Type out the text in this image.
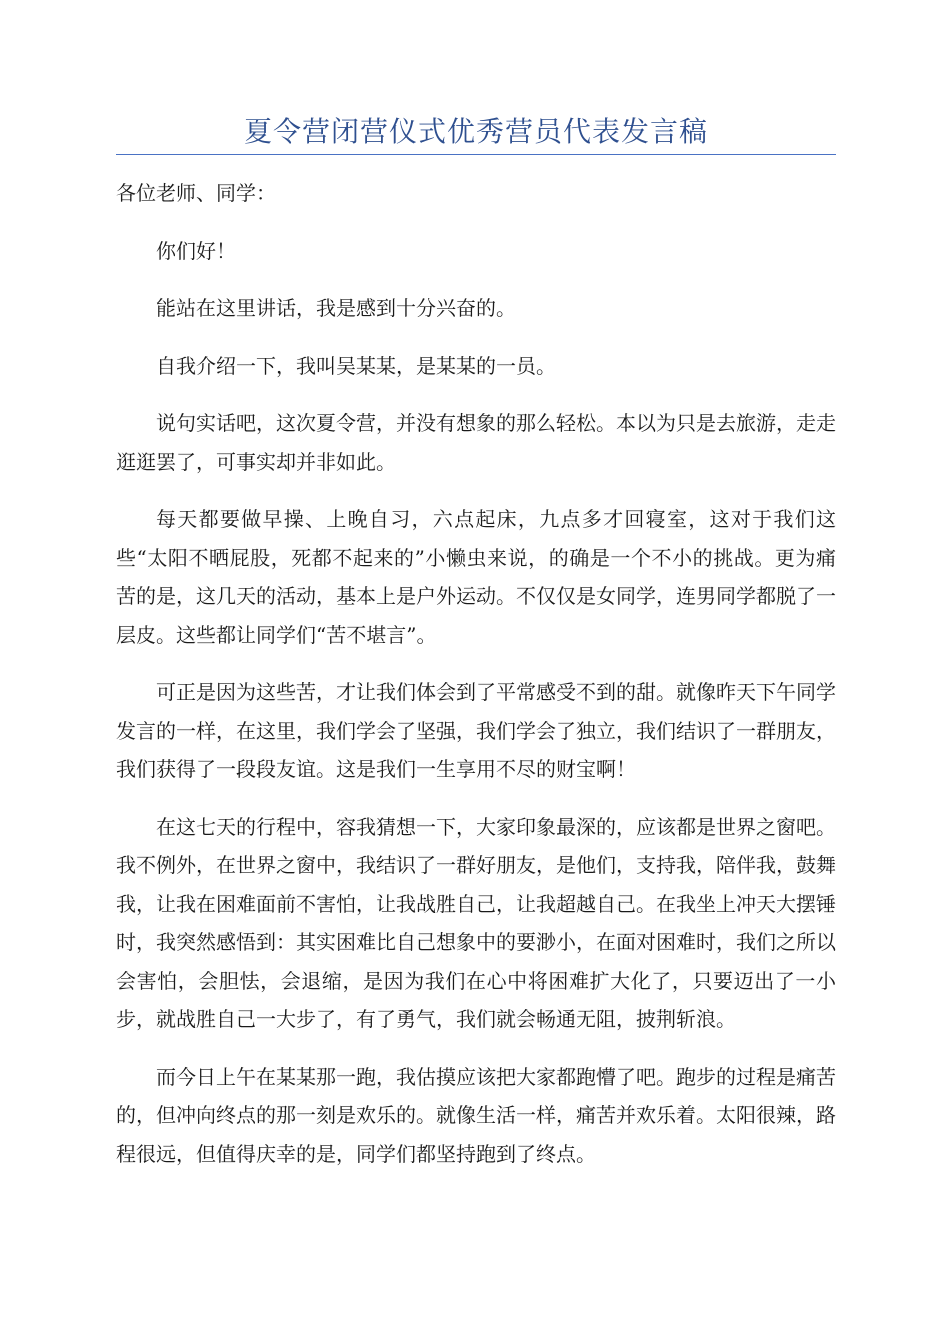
夏令营闭营仪式优秀营员代表发言稿

各位老师、同学：

你们好！

能站在这里讲话，我是感到十分兴奋的。

自我介绍一下，我叫吴某某，是某某的一员。

说句实话吧，这次夏令营，并没有想象的那么轻松。本以为只是去旅游，走走逛逛罢了，可事实却并非如此。

每天都要做早操、上晚自习，六点起床，九点多才回寝室，这对于我们这些“太阳不晒屁股，死都不起来的”小懒虫来说，的确是一个不小的挑战。更为痛苦的是，这几天的活动，基本上是户外运动。不仅仅是女同学，连男同学都脱了一层皮。这些都让同学们“苦不堪言”。

可正是因为这些苦，才让我们体会到了平常感受不到的甜。就像昨天下午同学发言的一样，在这里，我们学会了坚强，我们学会了独立，我们结识了一群朋友，我们获得了一段段友谊。这是我们一生享用不尽的财宝啊！

在这七天的行程中，容我猜想一下，大家印象最深的，应该都是世界之窗吧。我不例外，在世界之窗中，我结识了一群好朋友，是他们，支持我，陪伴我，鼓舞我，让我在困难面前不害怕，让我战胜自己，让我超越自己。在我坐上冲天大摆锤时，我突然感悟到：其实困难比自己想象中的要渺小，在面对困难时，我们之所以会害怕，会胆怯，会退缩，是因为我们在心中将困难扩大化了，只要迈出了一小步，就战胜自己一大步了，有了勇气，我们就会畅通无阻，披荆斩浪。

而今日上午在某某那一跑，我估摸应该把大家都跑懵了吧。跑步的过程是痛苦的，但冲向终点的那一刻是欢乐的。就像生活一样，痛苦并欢乐着。太阳很辣，路程很远，但值得庆幸的是，同学们都坚持跑到了终点。
